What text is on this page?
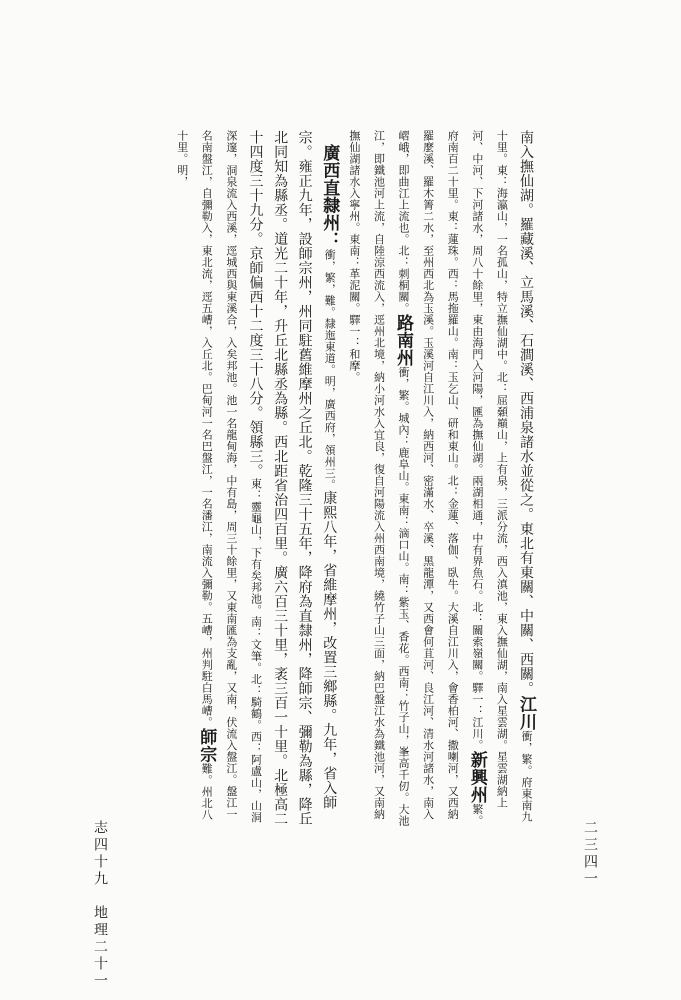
南入撫仙湖。羅藏溪、立馬溪、石澗溪、西浦泉諸水並從之。東北有東關、中關、西關。江川衝，繁。府東南九十里。東：海瀛山，一名孤山，特立撫仙湖中。北：屈顙巔山，上有泉，三派分流，西入滇池，東入撫仙湖，南入星雲湖。星雲湖納上河、中河、下河諸水，周八十餘里，東由海門入河陽，匯為撫仙湖。兩湖相通，中有界魚石。北：關索嶺關。驛一：江川。新興州繁。府南百二十里。東：蓮珠。西：馬拖羅山。南：玉乞山、研和東山。北：金蓮、落伽、臥牛。大溪自江川入，會香柏河、撒喇河，又西納羅麼溪、羅木箐二水，至州西北為玉溪。玉溪河自江川入，納西河、密滿水、卒溪、黑龍潭，又西會何苴河、良江河、清水河諸水，南入嶍峨，即曲江上流也。北：刺桐關。路南州衝，繁。城內：鹿阜山。東南：滴口山。南：紫玉、香花。西南：竹子山，峯高千仞。大池江，即鐵池河上流，自陸涼西流入，逕州北境，納小河水入宜良，復自河陽流入州西南境，繞竹子山三面，納巴盤江水為鐵池河，又南納撫仙湖諸水入寧州。東南：革泥關。驛一：和摩。

廣西直隸州：衝，繁，難。隸迤東道。明，廣西府，領州三。康熙八年，省維摩州，改置三鄉縣。九年，省入師宗。雍正九年，設師宗州，州同駐舊維摩州之丘北。乾隆三十五年，降府為直隸州，降師宗、彌勒為縣，降丘北同知為縣丞。道光二十年，升丘北縣丞為縣。西北距省治四百里。廣六百三十里，袤三百一十里。北極高二十四度三十九分。京師偏西十二度三十八分。領縣三。東：靈龜山，下有矣邦池。南：文筆。北：騎鶴。西：阿盧山，山洞深邃，洞泉流入西溪，逕城西與東溪合，入矣邦池。池一名龍甸海，中有島，周三十餘里，又東南匯為支亂，又南，伏流入盤江。盤江一名南盤江，自彌勒入，東北流，逕五嶆，入丘北。巴甸河一名巴盤江，一名潘江，南流入彌勒。五嶆，州判駐白馬嶆。師宗難。州北八十里。明，

志四十九　地理二十一	二三四一
